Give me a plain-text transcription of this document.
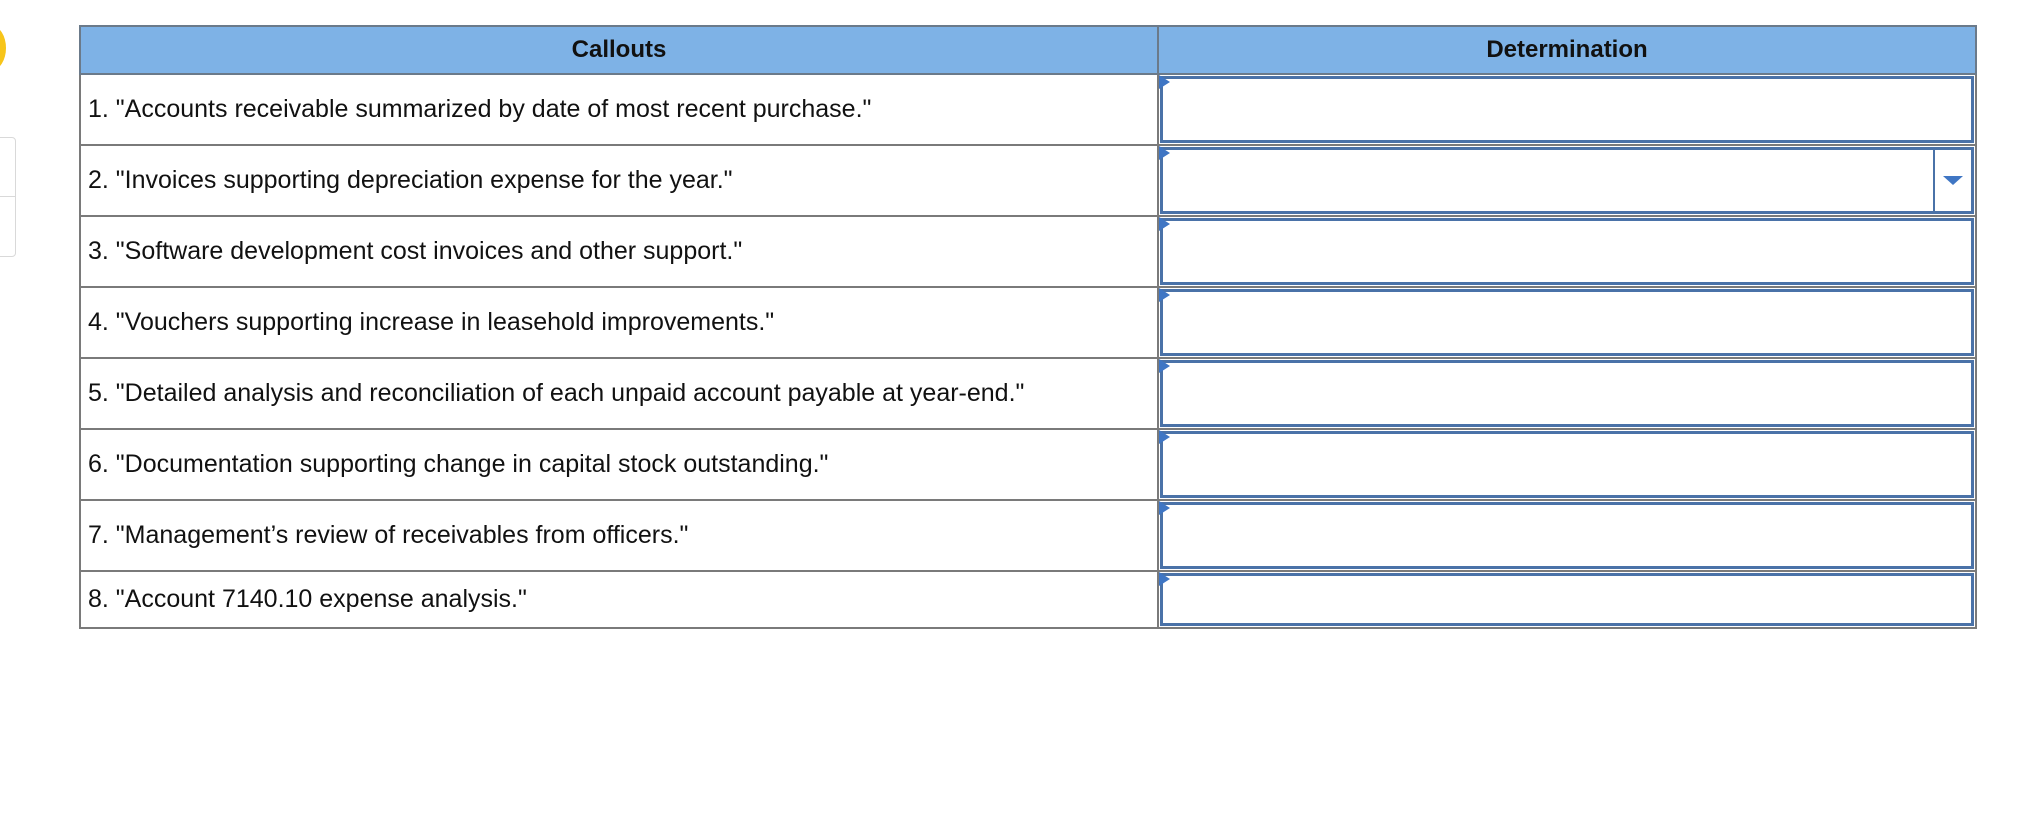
Callouts	Determination
1. "Accounts receivable summarized by date of most recent purchase."	

2. "Invoices supporting depreciation expense for the year."	

3. "Software development cost invoices and other support."	

4. "Vouchers supporting increase in leasehold improvements."	

5. "Detailed analysis and reconciliation of each unpaid account payable at year-end."	

6. "Documentation supporting change in capital stock outstanding."	

7. "Management’s review of receivables from officers."	

8. "Account 7140.10 expense analysis."	
